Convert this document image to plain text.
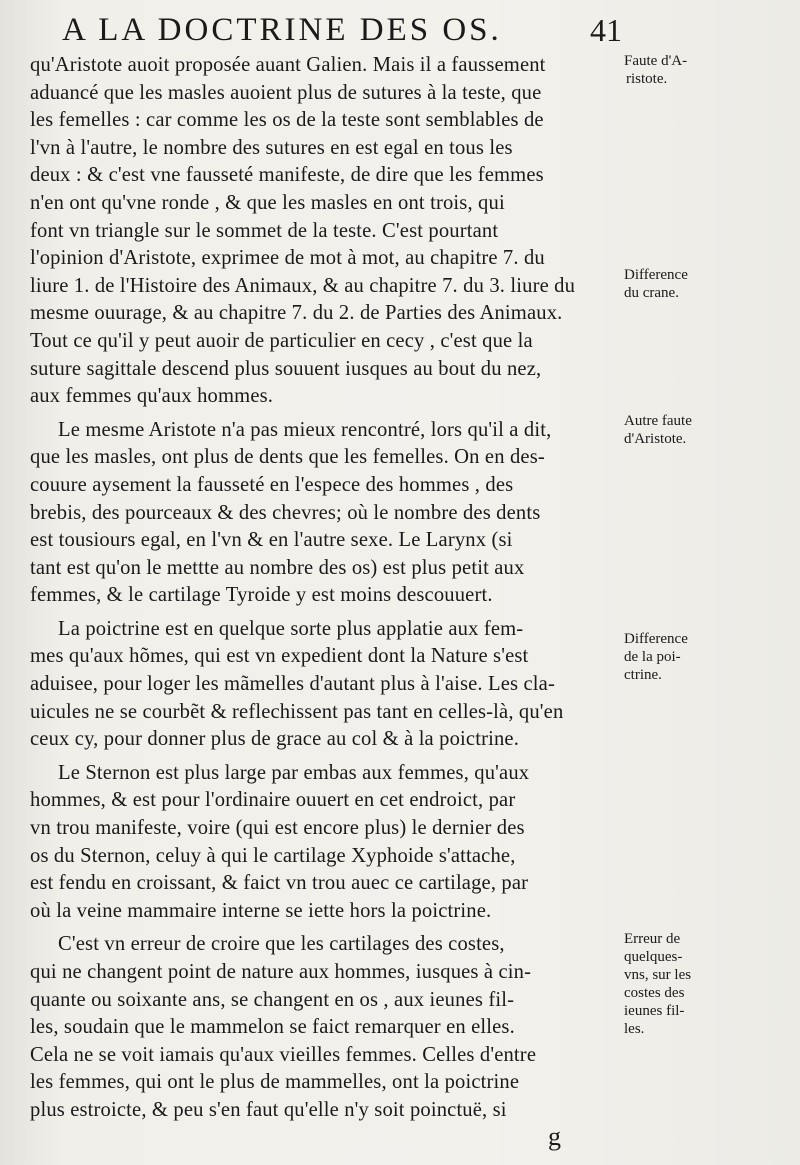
A LA DOCTRINE DES OS.	41
qu'Aristote auoit proposée auant Galien. Mais il a faussement
aduancé que les masles auoient plus de sutures à la teste, que
les femelles : car comme les os de la teste sont semblables de
l'vn à l'autre, le nombre des sutures en est egal en tous les
deux : & c'est vne fausseté manifeste, de dire que les femmes
n'en ont qu'vne ronde , & que les masles en ont trois, qui
font vn triangle sur le sommet de la teste. C'est pourtant
l'opinion d'Aristote, exprimee de mot à mot, au chapitre 7. du
liure 1. de l'Histoire des Animaux, & au chapitre 7. du 3. liure du
mesme ouurage, & au chapitre 7. du 2. de Parties des Animaux.
Tout ce qu'il y peut auoir de particulier en cecy , c'est que la
suture sagittale descend plus souuent iusques au bout du nez,
aux femmes qu'aux hommes.
Le mesme Aristote n'a pas mieux rencontré, lors qu'il a dit,
que les masles, ont plus de dents que les femelles. On en des-
couure aysement la fausseté en l'espece des hommes , des
brebis, des pourceaux & des chevres; où le nombre des dents
est tousiours egal, en l'vn & en l'autre sexe. Le Larynx (si
tant est qu'on le mettte au nombre des os) est plus petit aux
femmes, & le cartilage Tyroide y est moins descouuert.
La poictrine est en quelque sorte plus applatie aux fem-
mes qu'aux hõmes, qui est vn expedient dont la Nature s'est
aduisee, pour loger les mãmelles d'autant plus à l'aise. Les cla-
uicules ne se courbẽt & reflechissent pas tant en celles-là, qu'en
ceux cy, pour donner plus de grace au col & à la poictrine.
Le Sternon est plus large par embas aux femmes, qu'aux
hommes, & est pour l'ordinaire ouuert en cet endroict, par
vn trou manifeste, voire (qui est encore plus) le dernier des
os du Sternon, celuy à qui le cartilage Xyphoide s'attache,
est fendu en croissant, & faict vn trou auec ce cartilage, par
où la veine mammaire interne se iette hors la poictrine.
C'est vn erreur de croire que les cartilages des costes,
qui ne changent point de nature aux hommes, iusques à cin-
quante ou soixante ans, se changent en os , aux ieunes fil-
les, soudain que le mammelon se faict remarquer en elles.
Cela ne se voit iamais qu'aux vieilles femmes. Celles d'entre
les femmes, qui ont le plus de mammelles, ont la poictrine
plus estroicte, & peu s'en faut qu'elle n'y soit poinctuë, si
Faute d'A-
ristote.
Difference
du crane.
Autre faute
d'Aristote.
Difference
de la poi-
ctrine.
Erreur de
quelques-
vns, sur les
costes des
ieunes fil-
les.
g
